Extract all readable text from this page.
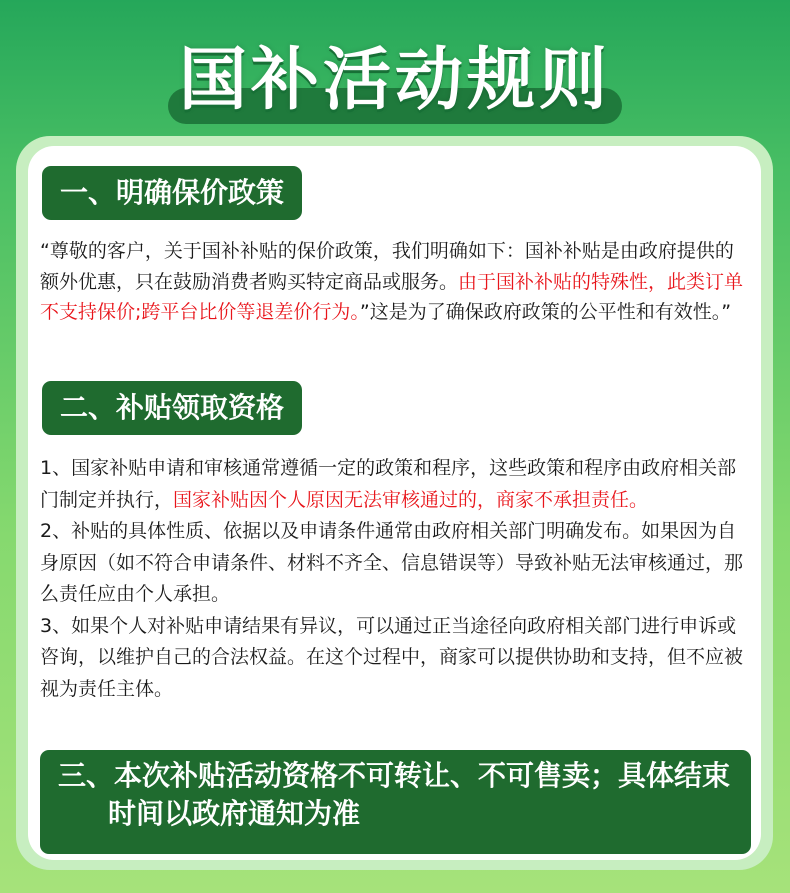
国补活动规则
一、明确保价政策
“尊敬的客户，关于国补补贴的保价政策，我们明确如下：国补补贴是由政府提供的额外优惠，只在鼓励消费者购买特定商品或服务。由于国补补贴的特殊性，此类订单不支持保价;跨平台比价等退差价行为。”这是为了确保政府政策的公平性和有效性。”
二、补贴领取资格
1、国家补贴申请和审核通常遵循一定的政策和程序，这些政策和程序由政府相关部门制定并执行，国家补贴因个人原因无法审核通过的，商家不承担责任。
2、补贴的具体性质、依据以及申请条件通常由政府相关部门明确发布。如果因为自身原因（如不符合申请条件、材料不齐全、信息错误等）导致补贴无法审核通过，那么责任应由个人承担。
3、如果个人对补贴申请结果有异议，可以通过正当途径向政府相关部门进行申诉或咨询，以维护自己的合法权益。在这个过程中，商家可以提供协助和支持，但不应被视为责任主体。
三、本次补贴活动资格不可转让、不可售卖；具体结束
时间以政府通知为准
